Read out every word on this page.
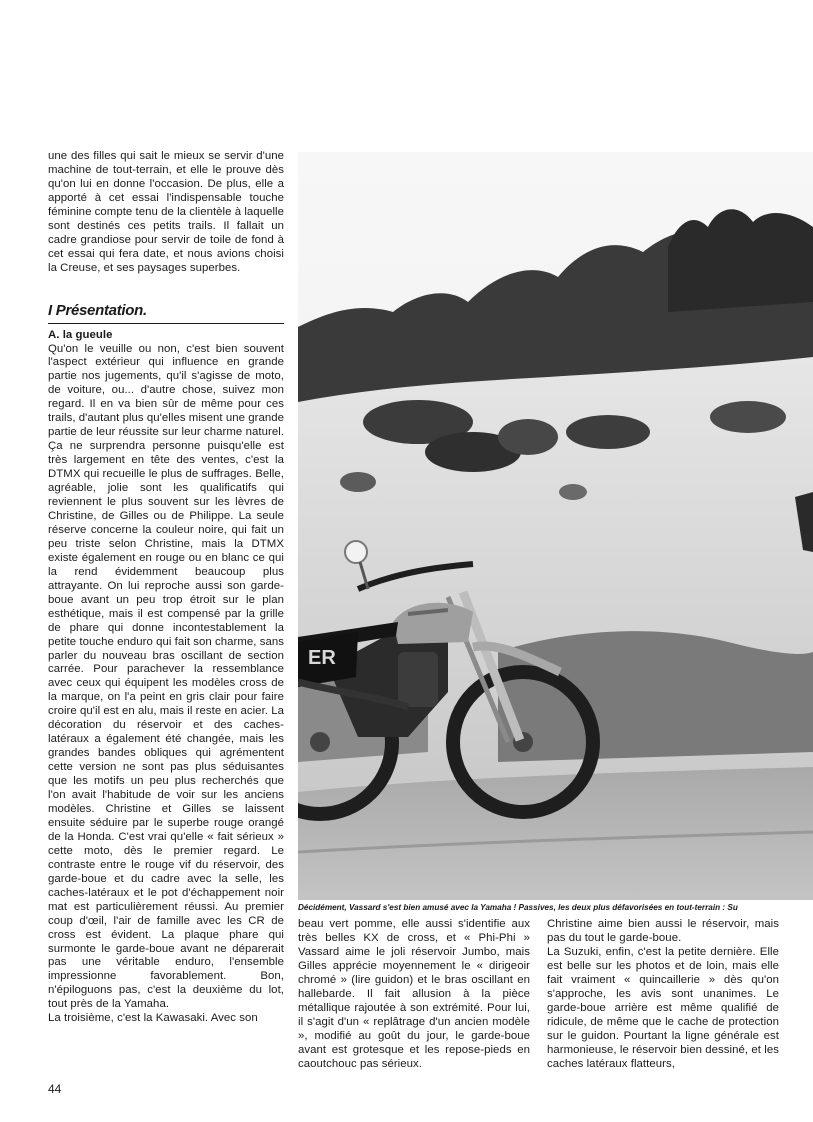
une des filles qui sait le mieux se servir d'une machine de tout-terrain, et elle le prouve dès qu'on lui en donne l'occasion. De plus, elle a apporté à cet essai l'indispensable touche féminine compte tenu de la clientèle à laquelle sont destinés ces petits trails. Il fallait un cadre grandiose pour servir de toile de fond à cet essai qui fera date, et nous avions choisi la Creuse, et ses paysages superbes.

I Présentation.
A. la gueule

Qu'on le veuille ou non, c'est bien souvent l'aspect extérieur qui influence en grande partie nos jugements, qu'il s'agisse de moto, de voiture, ou... d'autre chose, suivez mon regard. Il en va bien sûr de même pour ces trails, d'autant plus qu'elles misent une grande partie de leur réussite sur leur charme naturel. Ça ne surprendra personne puisqu'elle est très largement en tête des ventes, c'est la DTMX qui recueille le plus de suffrages. Belle, agréable, jolie sont les qualificatifs qui reviennent le plus souvent sur les lèvres de Christine, de Gilles ou de Philippe. La seule réserve concerne la couleur noire, qui fait un peu triste selon Christine, mais la DTMX existe également en rouge ou en blanc ce qui la rend évidemment beaucoup plus attrayante. On lui reproche aussi son garde-boue avant un peu trop étroit sur le plan esthétique, mais il est compensé par la grille de phare qui donne incontestablement la petite touche enduro qui fait son charme, sans parler du nouveau bras oscillant de section carrée. Pour parachever la ressemblance avec ceux qui équipent les modèles cross de la marque, on l'a peint en gris clair pour faire croire qu'il est en alu, mais il reste en acier. La décoration du réservoir et des caches-latéraux a également été changée, mais les grandes bandes obliques qui agrémentent cette version ne sont pas plus séduisantes que les motifs un peu plus recherchés que l'on avait l'habitude de voir sur les anciens modèles. Christine et Gilles se laissent ensuite séduire par le superbe rouge orangé de la Honda. C'est vrai qu'elle « fait sérieux » cette moto, dès le premier regard. Le contraste entre le rouge vif du réservoir, des garde-boue et du cadre avec la selle, les caches-latéraux et le pot d'échappement noir mat est particulièrement réussi. Au premier coup d'œil, l'air de famille avec les CR de cross est évident. La plaque phare qui surmonte le garde-boue avant ne déparerait pas une véritable enduro, l'ensemble impressionne favorablement. Bon, n'épiloguons pas, c'est la deuxième du lot, tout près de la Yamaha.

La troisième, c'est la Kawasaki. Avec son

ER
Décidément, Vassard s'est bien amusé avec la Yamaha ! Passives, les deux plus défavorisées en tout-terrain : Su

beau vert pomme, elle aussi s'identifie aux très belles KX de cross, et « Phi-Phi » Vassard aime le joli réservoir Jumbo, mais Gilles apprécie moyennement le « dirigeoir chromé » (lire guidon) et le bras oscillant en hallebarde. Il fait allusion à la pièce métallique rajoutée à son extrémité. Pour lui, il s'agit d'un « replâtrage d'un ancien modèle », modifié au goût du jour, le garde-boue avant est grotesque et les repose-pieds en caoutchouc pas sérieux.

Christine aime bien aussi le réservoir, mais pas du tout le garde-boue.

La Suzuki, enfin, c'est la petite dernière. Elle est belle sur les photos et de loin, mais elle fait vraiment « quincaillerie » dès qu'on s'approche, les avis sont unanimes. Le garde-boue arrière est même qualifié de ridicule, de même que le cache de protection sur le guidon. Pourtant la ligne générale est harmonieuse, le réservoir bien dessiné, et les caches latéraux flatteurs,

44
